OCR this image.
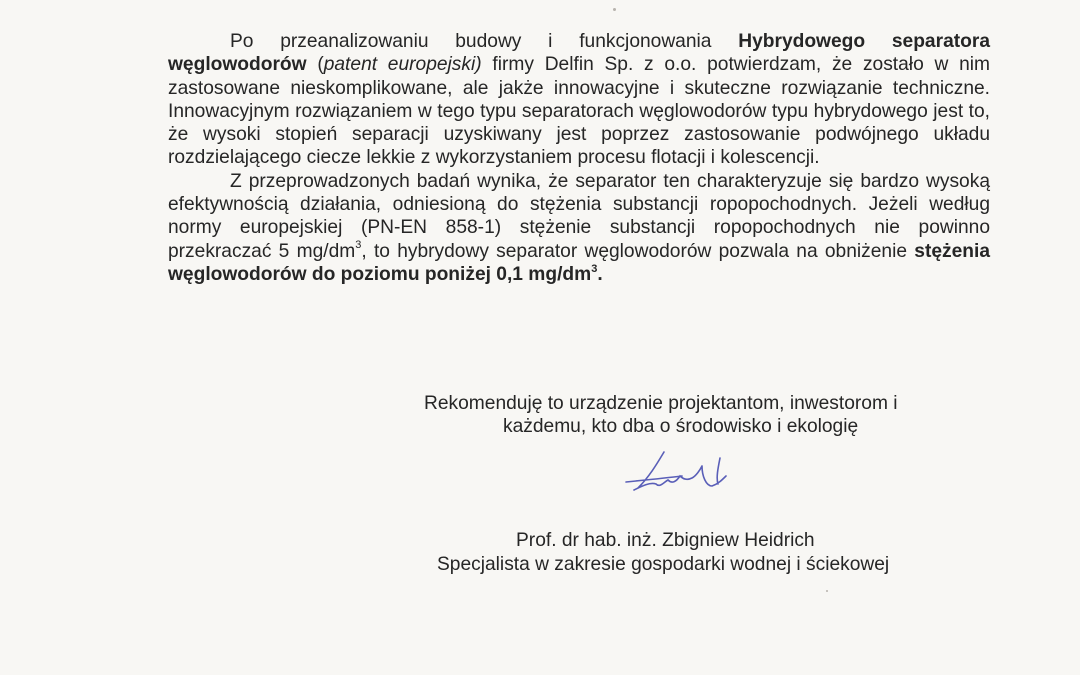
Po przeanalizowaniu budowy i funkcjonowania Hybrydowego separatora węglowodorów (patent europejski) firmy Delfin Sp. z o.o. potwierdzam, że zostało w nim zastosowane nieskomplikowane, ale jakże innowacyjne i skuteczne rozwiązanie techniczne. Innowacyjnym rozwiązaniem w tego typu separatorach węglowodorów typu hybrydowego jest to, że wysoki stopień separacji uzyskiwany jest poprzez zastosowanie podwójnego układu rozdzielającego ciecze lekkie z wykorzystaniem procesu flotacji i kolescencji.

Z przeprowadzonych badań wynika, że separator ten charakteryzuje się bardzo wysoką efektywnością działania, odniesioną do stężenia substancji ropopochodnych. Jeżeli według normy europejskiej (PN-EN 858-1) stężenie substancji ropopochodnych nie powinno przekraczać 5 $mg/dm^3$, to hybrydowy separator węglowodorów pozwala na obniżenie stężenia węglowodorów do poziomu poniżej 0,1 $mg/dm^3$.

Rekomenduję to urządzenie projektantom, inwestorom i
każdemu, kto dba o środowisko i ekologię
Prof. dr hab. inż. Zbigniew Heidrich
Specjalista w zakresie gospodarki wodnej i ściekowej
